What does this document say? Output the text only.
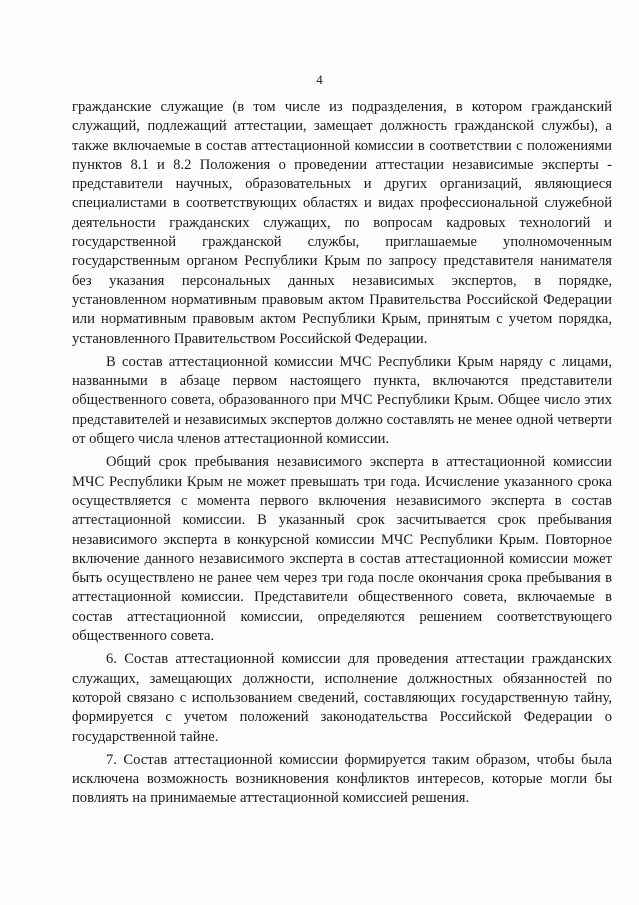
4

гражданские служащие (в том числе из подразделения, в котором гражданский служащий, подлежащий аттестации, замещает должность гражданской службы), а также включаемые в состав аттестационной комиссии в соответствии с положениями пунктов 8.1 и 8.2 Положения о проведении аттестации независимые эксперты - представители научных, образовательных и других организаций, являющиеся специалистами в соответствующих областях и видах профессиональной служебной деятельности гражданских служащих, по вопросам кадровых технологий и государственной гражданской службы, приглашаемые уполномоченным государственным органом Республики Крым по запросу представителя нанимателя без указания персональных данных независимых экспертов, в порядке, установленном нормативным правовым актом Правительства Российской Федерации или нормативным правовым актом Республики Крым, принятым с учетом порядка, установленного Правительством Российской Федерации.

В состав аттестационной комиссии МЧС Республики Крым наряду с лицами, названными в абзаце первом настоящего пункта, включаются представители общественного совета, образованного при МЧС Республики Крым. Общее число этих представителей и независимых экспертов должно составлять не менее одной четверти от общего числа членов аттестационной комиссии.

Общий срок пребывания независимого эксперта в аттестационной комиссии МЧС Республики Крым не может превышать три года. Исчисление указанного срока осуществляется с момента первого включения независимого эксперта в состав аттестационной комиссии. В указанный срок засчитывается срок пребывания независимого эксперта в конкурсной комиссии МЧС Республики Крым. Повторное включение данного независимого эксперта в состав аттестационной комиссии может быть осуществлено не ранее чем через три года после окончания срока пребывания в аттестационной комиссии. Представители общественного совета, включаемые в состав аттестационной комиссии, определяются решением соответствующего общественного совета.

6. Состав аттестационной комиссии для проведения аттестации гражданских служащих, замещающих должности, исполнение должностных обязанностей по которой связано с использованием сведений, составляющих государственную тайну, формируется с учетом положений законодательства Российской Федерации о государственной тайне.

7. Состав аттестационной комиссии формируется таким образом, чтобы была исключена возможность возникновения конфликтов интересов, которые могли бы повлиять на принимаемые аттестационной комиссией решения.
